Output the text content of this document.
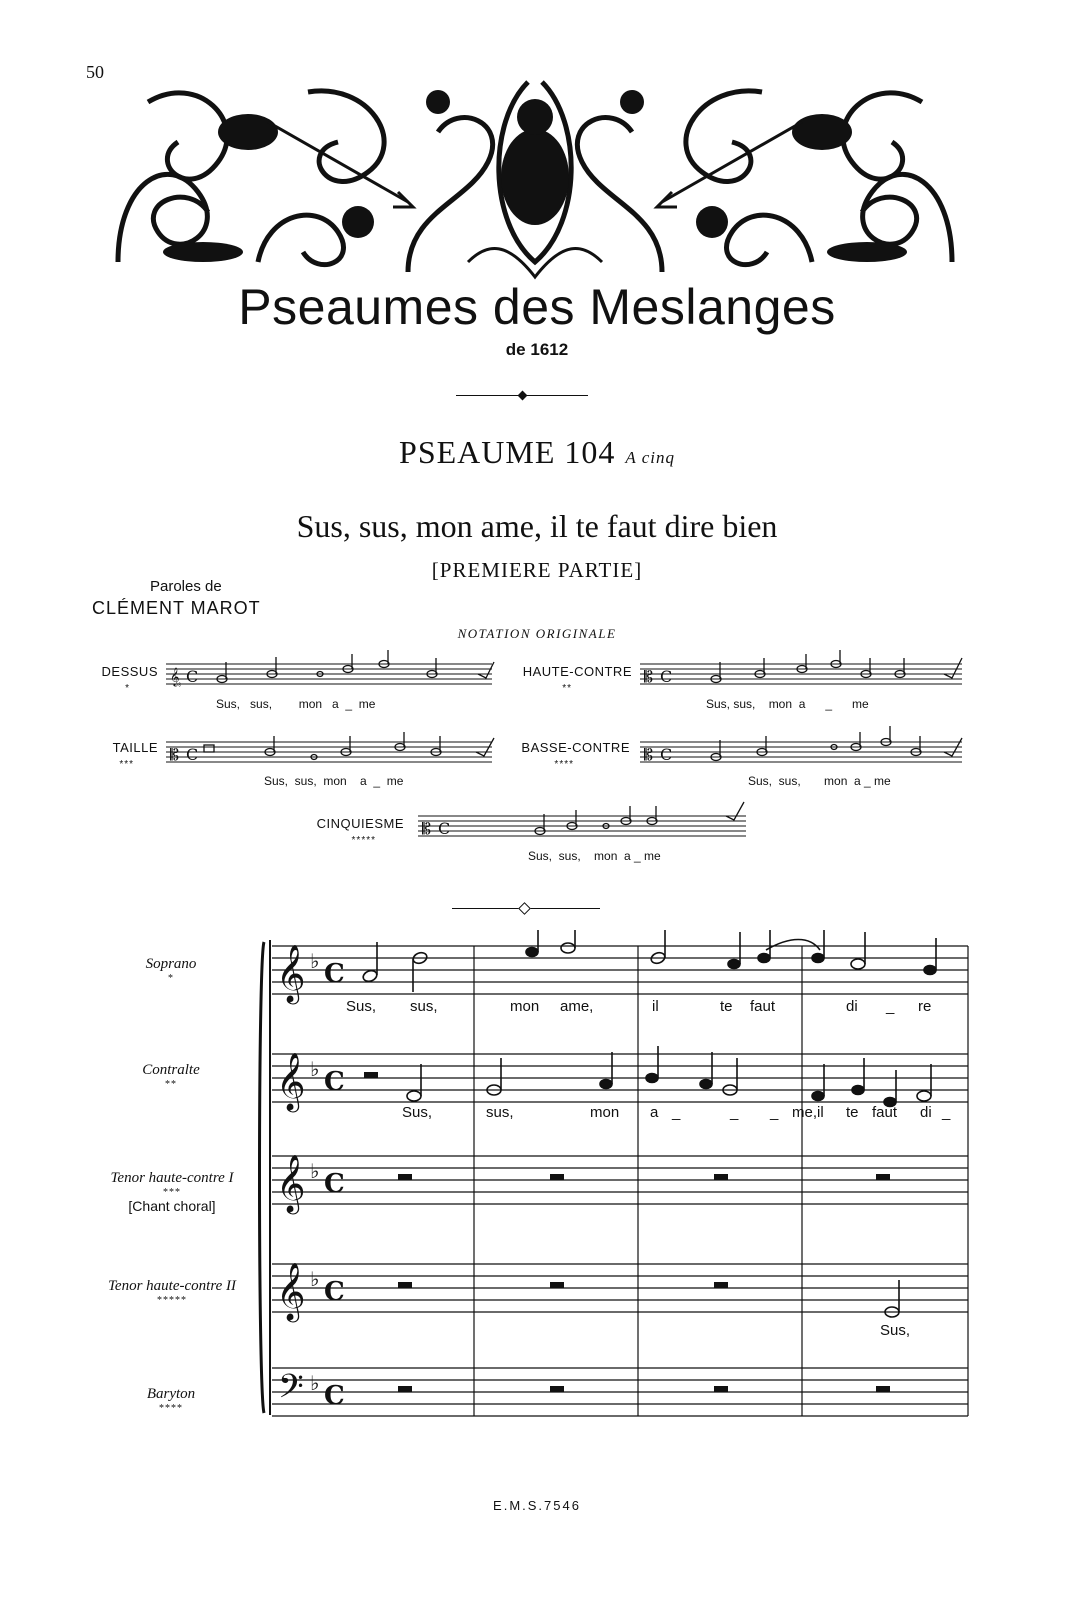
50
Pseaumes des Meslanges
de 1612
PSEAUME 104 A cinq
Sus, sus, mon ame, il te faut dire bien
[PREMIERE PARTIE]
Paroles de
CLÉMENT MAROT
NOTATION ORIGINALE
𝄠 C	𝄡 C
𝄡 C	𝄡 C
𝄡 C
DESSUS
*
Sus,   sus,        mon   a  _  me
HAUTE-CONTRE
**
Sus, sus,    mon  a      _      me
TAILLE
***
Sus,  sus,  mon    a  _  me
BASSE-CONTRE
****
Sus,  sus,       mon  a _ me
CINQUIESME
*****
Sus,  sus,    mon  a _ me
𝄞
𝄞
𝄞
𝄞
𝄢
♭ C
♭ C
♭ C
♭ C
♭ C
Soprano
*
Contralte
**
Tenor haute-contre I
***
[Chant choral]
Tenor haute-contre II
*****
Baryton
****
Sus, sus,	mon ame,	il	te faut	di _ re
Sus,	sus,	mon a _	_ _ me,il te faut di _
Sus,
E.M.S.7546
